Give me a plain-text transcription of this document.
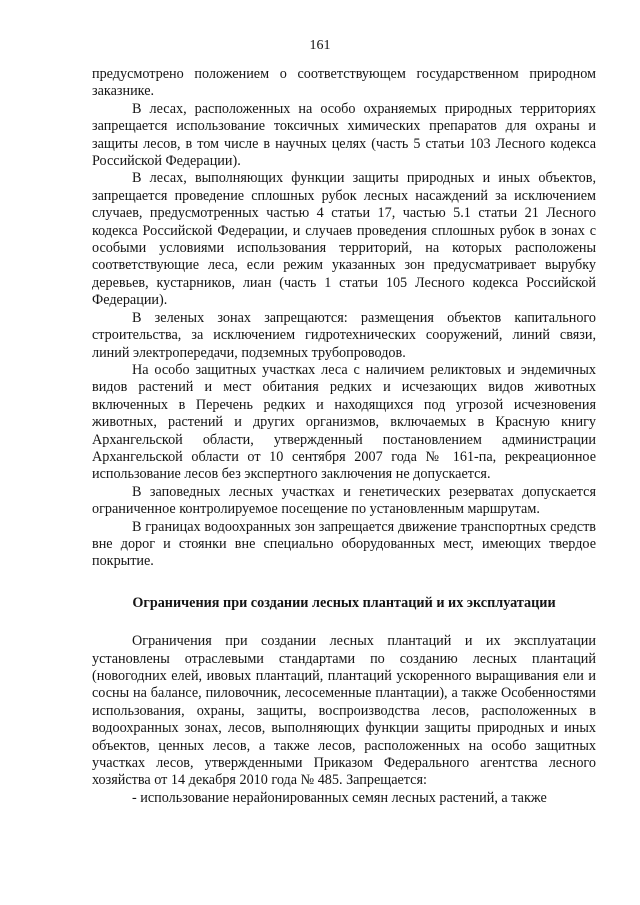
161

предусмотрено положением о соответствующем государственном природном заказнике.

В лесах, расположенных на особо охраняемых природных территориях запрещается использование токсичных химических препаратов для охраны и защиты лесов, в том числе в научных целях (часть 5 статьи 103 Лесного кодекса Российской Федерации).

В лесах, выполняющих функции защиты природных и иных объектов, запрещается проведение сплошных рубок лесных насаждений за исключением случаев, предусмотренных частью 4 статьи 17, частью 5.1 статьи 21 Лесного кодекса Российской Федерации, и случаев проведения сплошных рубок в зонах с особыми условиями использования территорий, на которых расположены соответствующие леса, если режим указанных зон предусматривает вырубку деревьев, кустарников, лиан (часть 1 статьи 105 Лесного кодекса Российской Федерации).

В зеленых зонах запрещаются: размещения объектов капитального строительства, за исключением гидротехнических сооружений, линий связи, линий электропередачи, подземных трубопроводов.

На особо защитных участках леса с наличием реликтовых и эндемичных видов растений и мест обитания редких и исчезающих видов животных включенных в Перечень редких и находящихся под угрозой исчезновения животных, растений и других организмов, включаемых в Красную книгу Архангельской области, утвержденный постановлением администрации Архангельской области от 10 сентября 2007 года № 161-па, рекреационное использование лесов без экспертного заключения не допускается.

В заповедных лесных участках и генетических резерватах допускается ограниченное контролируемое посещение по установленным маршрутам.

В границах водоохранных зон запрещается движение транспортных средств вне дорог и стоянки вне специально оборудованных мест, имеющих твердое покрытие.

Ограничения при создании лесных плантаций и их эксплуатации

Ограничения при создании лесных плантаций и их эксплуатации установлены отраслевыми стандартами по созданию лесных плантаций (новогодних елей, ивовых плантаций, плантаций ускоренного выращивания ели и сосны на балансе, пиловочник, лесосеменные плантации), а также Особенностями использования, охраны, защиты, воспроизводства лесов, расположенных в водоохранных зонах, лесов, выполняющих функции защиты природных и иных объектов, ценных лесов, а также лесов, расположенных на особо защитных участках лесов, утвержденными Приказом Федерального агентства лесного хозяйства от 14 декабря 2010 года № 485. Запрещается:

- использование нерайонированных семян лесных растений, а также
